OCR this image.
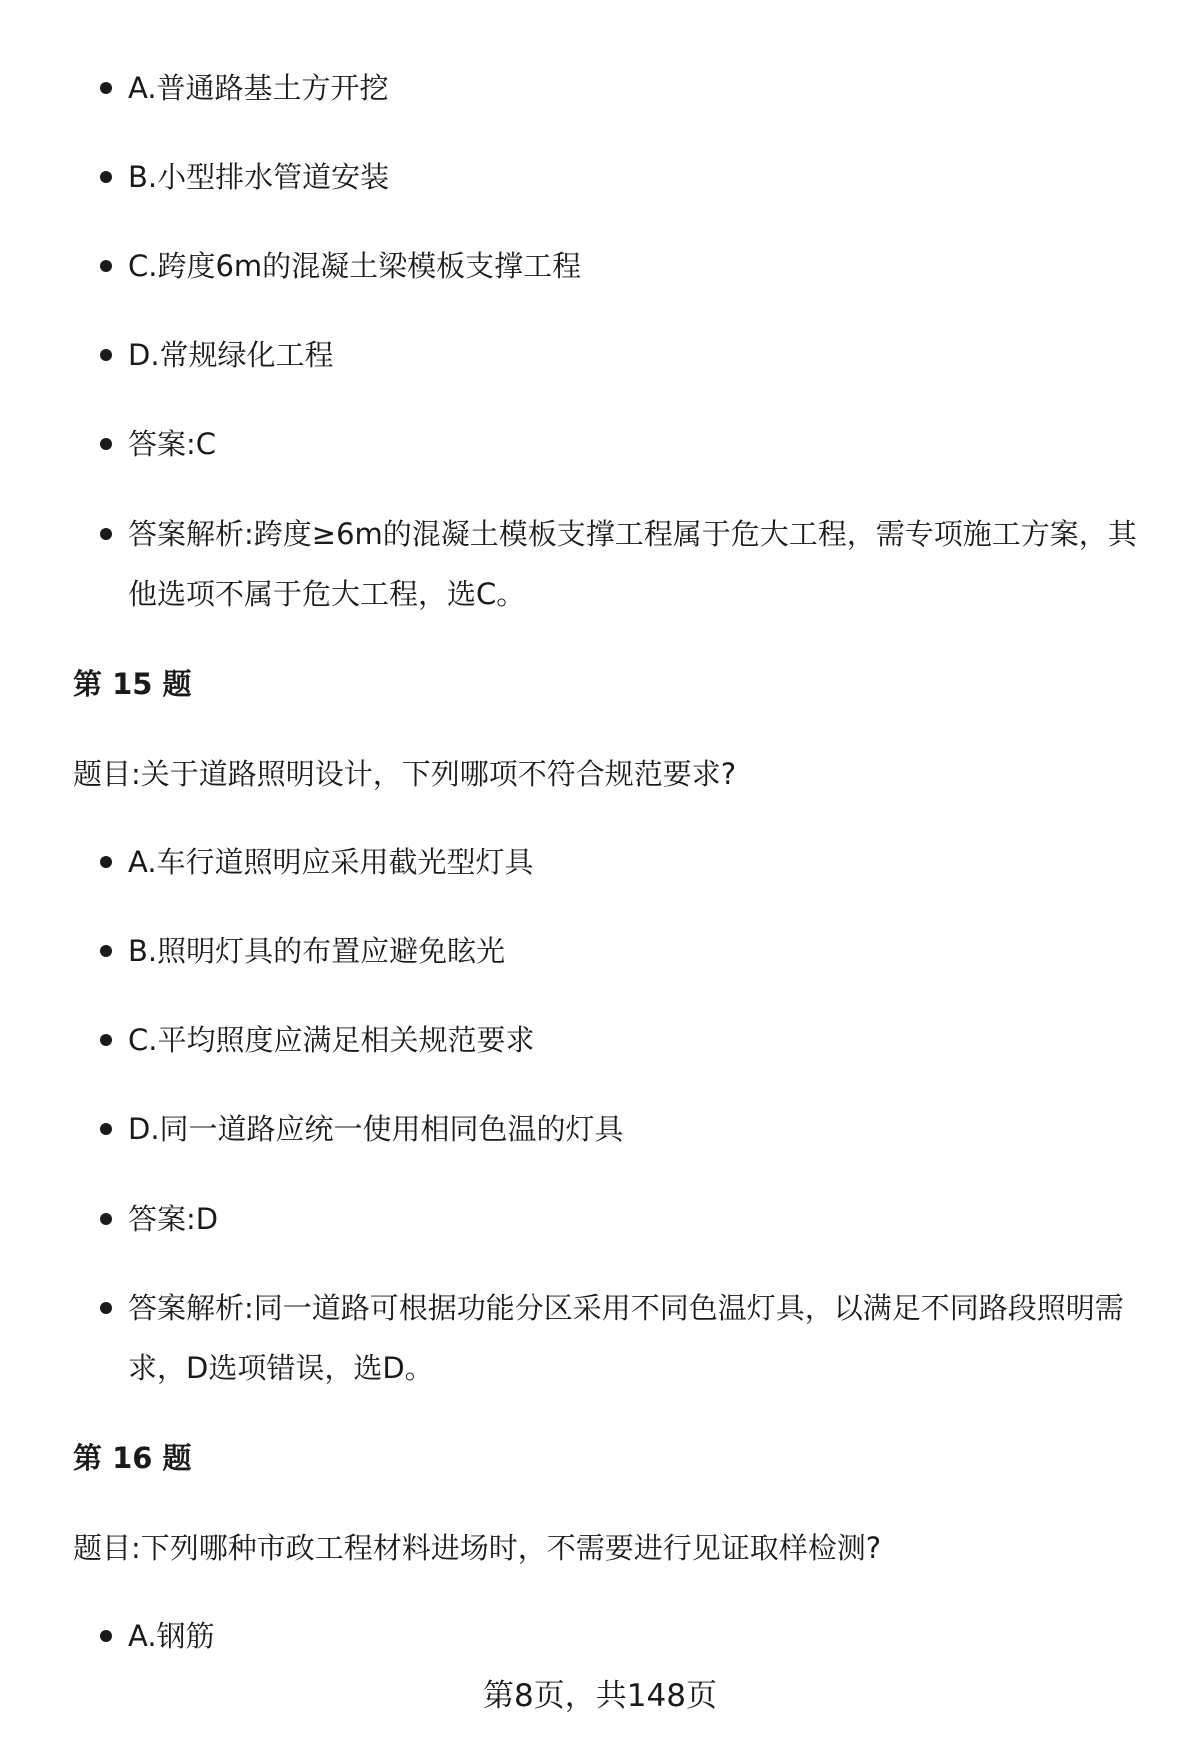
A.普通路基土方开挖
B.小型排水管道安装
C.跨度6m的混凝土梁模板支撑工程
D.常规绿化工程
答案:C
答案解析:跨度≥6m的混凝土模板支撑工程属于危大工程，需专项施工方案，其他选项不属于危大工程，选C。
第 15 题
题目:关于道路照明设计，下列哪项不符合规范要求?
A.车行道照明应采用截光型灯具
B.照明灯具的布置应避免眩光
C.平均照度应满足相关规范要求
D.同一道路应统一使用相同色温的灯具
答案:D
答案解析:同一道路可根据功能分区采用不同色温灯具，以满足不同路段照明需求，D选项错误，选D。
第 16 题
题目:下列哪种市政工程材料进场时，不需要进行见证取样检测?
A.钢筋
第8页，共148页
